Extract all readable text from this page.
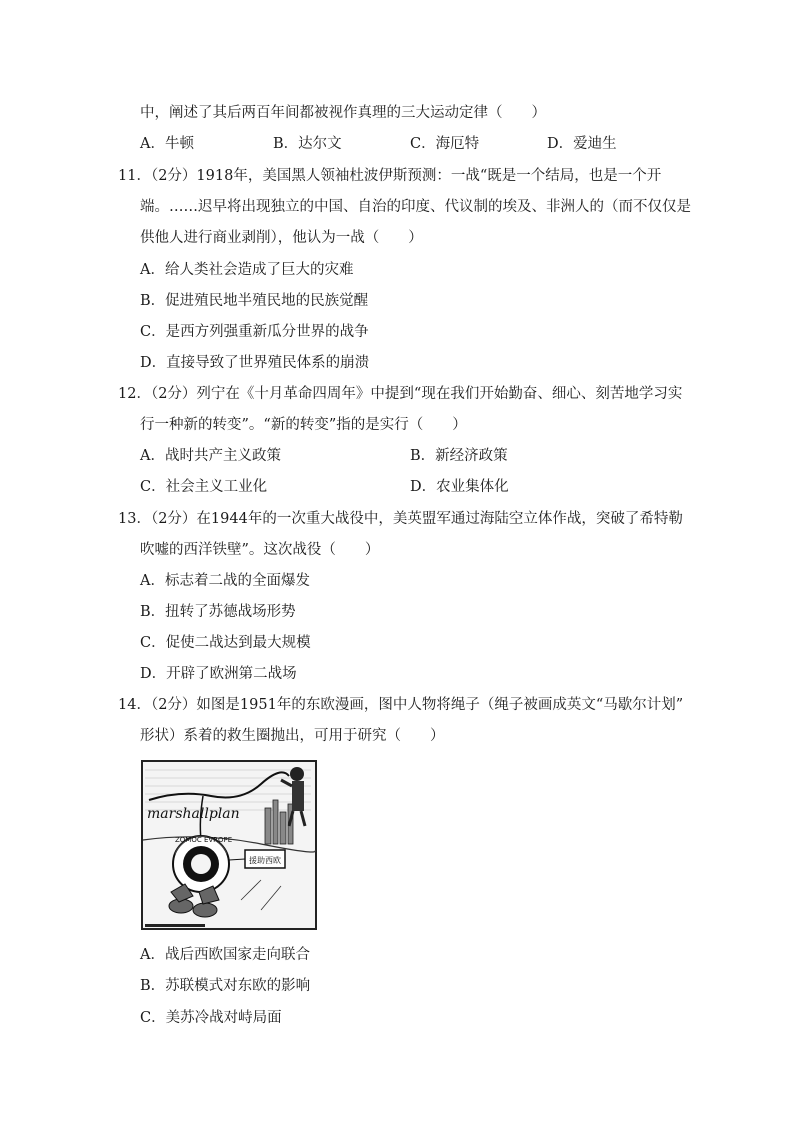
中，阐述了其后两百年间都被视作真理的三大运动定律（　　）
A．牛顿	B．达尔文	C．海厄特	D．爱迪生
11．（2分）1918年，美国黑人领袖杜波伊斯预测：一战“既是一个结局，也是一个开
端。……迟早将出现独立的中国、自治的印度、代议制的埃及、非洲人的（而不仅仅是
供他人进行商业剥削），他认为一战（　　）
A．给人类社会造成了巨大的灾难
B．促进殖民地半殖民地的民族觉醒
C．是西方列强重新瓜分世界的战争
D．直接导致了世界殖民体系的崩溃
12．（2分）列宁在《十月革命四周年》中提到“现在我们开始勤奋、细心、刻苦地学习实
行一种新的转变”。“新的转变”指的是实行（　　）
A．战时共产主义政策	B．新经济政策
C．社会主义工业化	D．农业集体化
13．（2分）在1944年的一次重大战役中，美英盟军通过海陆空立体作战，突破了希特勒
吹嘘的西洋铁壁”。这次战役（　　）
A．标志着二战的全面爆发
B．扭转了苏德战场形势
C．促使二战达到最大规模
D．开辟了欧洲第二战场
14．（2分）如图是1951年的东欧漫画，图中人物将绳子（绳子被画成英文“马歇尔计划”
形状）系着的救生圈抛出，可用于研究（　　）
marshallplan
ZOMOC EVROPE
援助西欧
A．战后西欧国家走向联合
B．苏联模式对东欧的影响
C．美苏冷战对峙局面
